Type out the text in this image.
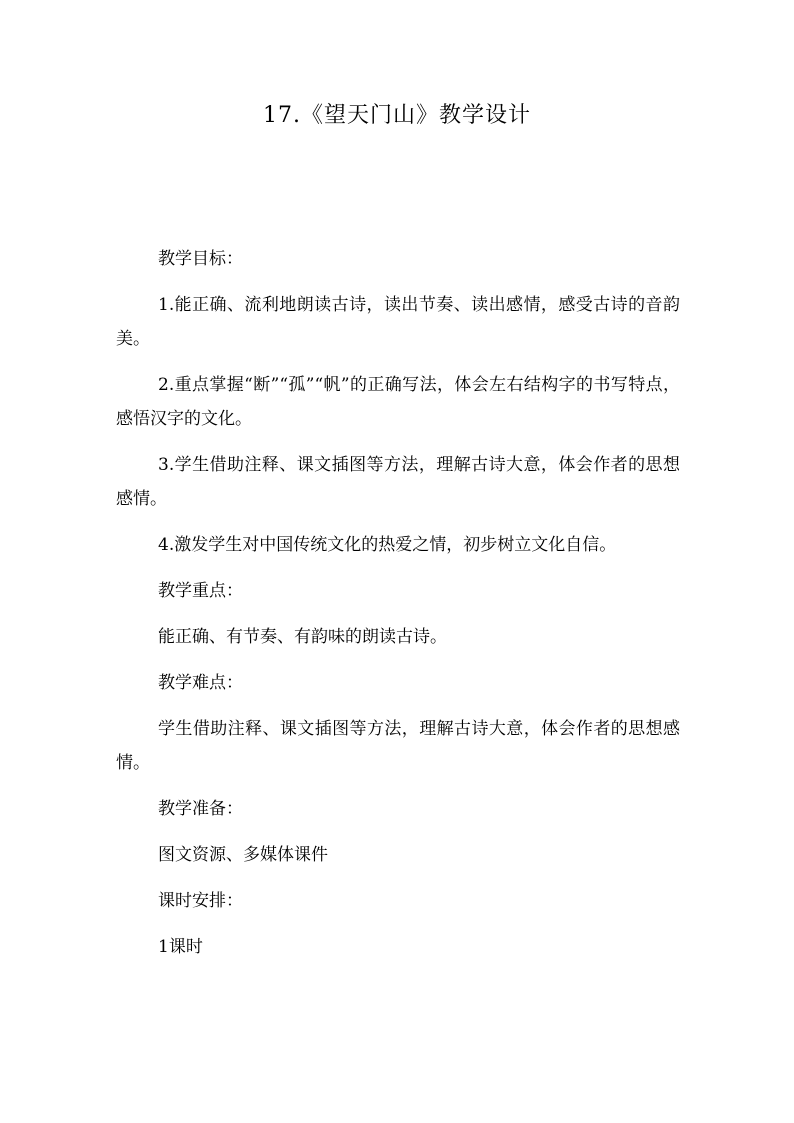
17.《望天门山》教学设计

教学目标：

1.能正确、流利地朗读古诗，读出节奏、读出感情，感受古诗的音韵美。

2.重点掌握“断”“孤”“帆”的正确写法，体会左右结构字的书写特点，感悟汉字的文化。

3.学生借助注释、课文插图等方法，理解古诗大意，体会作者的思想感情。

4.激发学生对中国传统文化的热爱之情，初步树立文化自信。

教学重点：

能正确、有节奏、有韵味的朗读古诗。

教学难点：

学生借助注释、课文插图等方法，理解古诗大意，体会作者的思想感情。

教学准备：

图文资源、多媒体课件

课时安排：

1课时
